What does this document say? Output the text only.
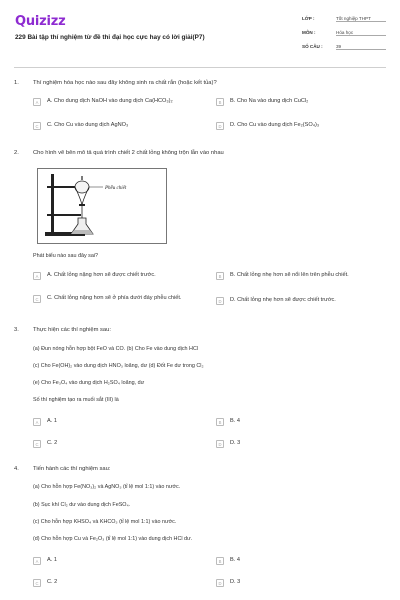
Quizizz
229 Bài tập thí nghiệm từ đề thi đại học cực hay có lời giải(P7)
LỚP :	Tốt nghiệp THPT
MÔN :	Hóa học
SỐ CÂU :	39
1. Thí nghiệm hóa học nào sau đây không sinh ra chất rắn (hoặc kết tủa)?
A	A. Cho dung dịch NaOH vào dung dịch Ca(HCO₃)₂	B	B. Cho Na vào dung dịch CuCl₂
C	C. Cho Cu vào dung dịch AgNO₃	D	D. Cho Cu vào dung dịch Fe₂(SO₄)₃
2. Cho hình vẽ bên mô tả quá trình chiết 2 chất lỏng không trộn lẫn vào nhau
Phễu chiết
Phát biểu nào sau đây sai?
A	A. Chất lỏng nặng hơn sẽ được chiết trước.	B	B. Chất lỏng nhẹ hơn sẽ nổi lên trên phễu chiết.
C	C. Chất lỏng nặng hơn sẽ ở phía dưới đáy phễu chiết.	D	D. Chất lỏng nhẹ hơn sẽ được chiết trước.
3. Thực hiện các thí nghiệm sau:
(a) Đun nóng hỗn hợp bột FeO và CO. (b) Cho Fe vào dung dịch HCl
(c) Cho Fe(OH)₂ vào dung dịch HNO₃ loãng, dư (d) Đốt Fe dư trong Cl₂
(e) Cho Fe₃O₄ vào dung dịch H₂SO₄ loãng, dư
Số thí nghiệm tạo ra muối sắt (III) là
A	A. 1	B	B. 4
C	C. 2	D	D. 3
4. Tiến hành các thí nghiệm sau:
(a) Cho hỗn hợp Fe(NO₃)₂ và AgNO₃ (tỉ lệ mol 1:1) vào nước.
(b) Sục khí Cl₂ dư vào dung dịch FeSO₄.
(c) Cho hỗn hợp KHSO₄ và KHCO₃ (tỉ lệ mol 1:1) vào nước.
(d) Cho hỗn hợp Cu và Fe₂O₃ (tỉ lệ mol 1:1) vào dung dịch HCl dư.
A	A. 1	B	B. 4
C	C. 2	D	D. 3
